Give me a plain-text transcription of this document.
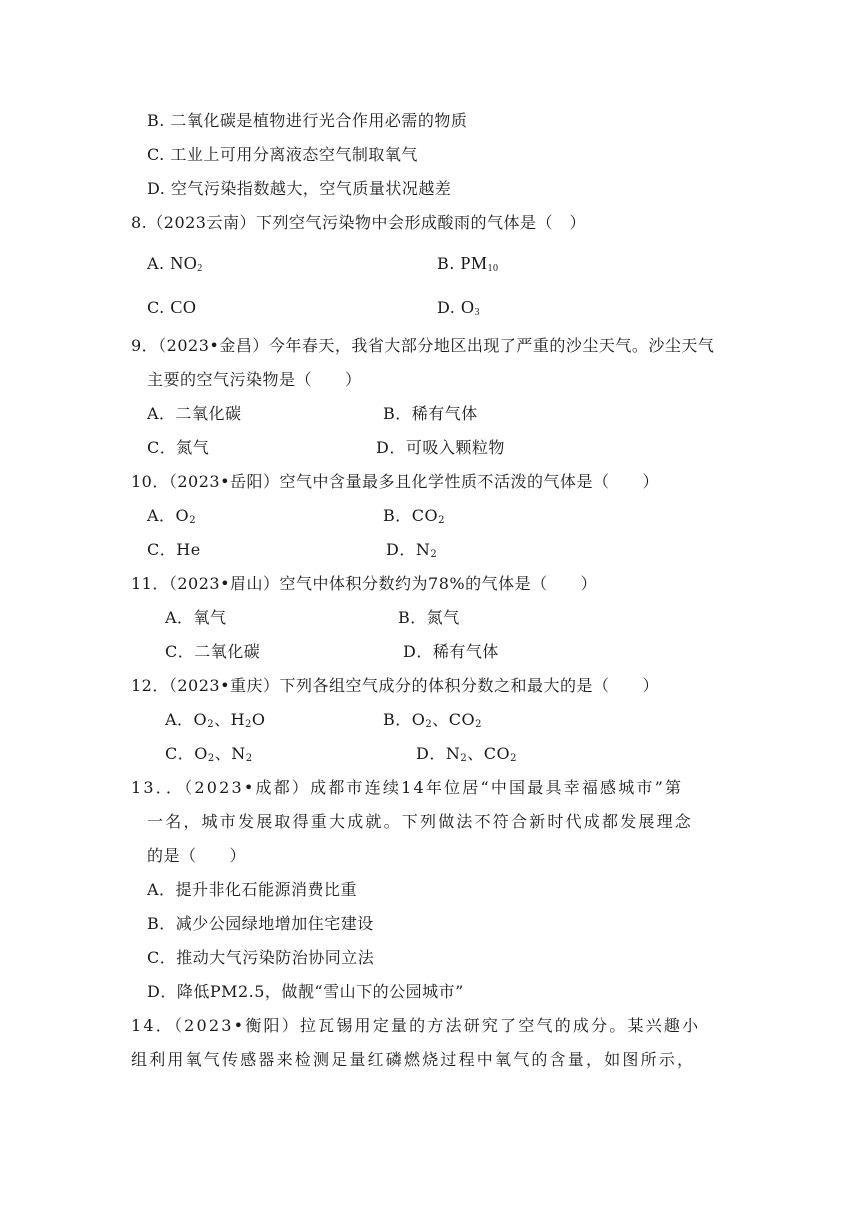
B. 二氧化碳是植物进行光合作用必需的物质
C. 工业上可用分离液态空气制取氧气
D. 空气污染指数越大，空气质量状况越差
8.（2023云南）下列空气污染物中会形成酸雨的气体是（　）
A. $NO_2$	B. $PM_{10}$
C. CO	D. $O_3$
9．（2023•金昌）今年春天，我省大部分地区出现了严重的沙尘天气。沙尘天气
主要的空气污染物是（　　）
A．二氧化碳	B．稀有气体
C．氮气	D．可吸入颗粒物
10．（2023•岳阳）空气中含量最多且化学性质不活泼的气体是（　　）
A．$O_2$	B．$CO_2$
C．He	D．$N_2$
11．（2023•眉山）空气中体积分数约为78%的气体是（　　）
A．氧气	B．氮气
C．二氧化碳	D．稀有气体
12．（2023•重庆）下列各组空气成分的体积分数之和最大的是（　　）
A．$O_2$、$H_2O$	B．$O_2$、$CO_2$
C．$O_2$、$N_2$	D．$N_2$、$CO_2$
13．．（2023•成都）成都市连续14年位居“中国最具幸福感城市”第
一名，城市发展取得重大成就。下列做法不符合新时代成都发展理念
的是（　　）
A．提升非化石能源消费比重
B．减少公园绿地增加住宅建设
C．推动大气污染防治协同立法
D．降低PM2.5，做靓“雪山下的公园城市”
14．（2023•衡阳）拉瓦锡用定量的方法研究了空气的成分。某兴趣小
组利用氧气传感器来检测足量红磷燃烧过程中氧气的含量，如图所示，
